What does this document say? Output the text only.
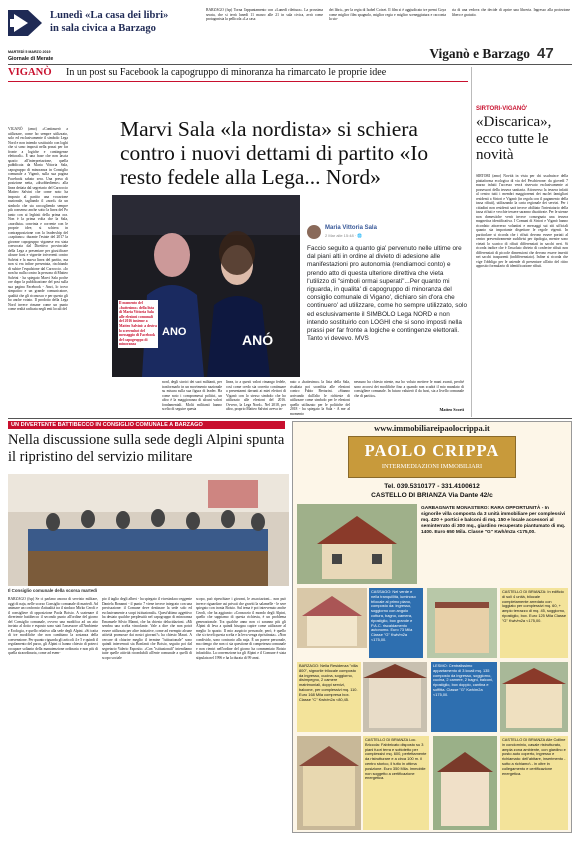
Lunedì «La casa dei libri»
in sala civica a Barzago
BARZAGO (fsp) Torna l'appuntamento con «Lunedì rilettura». La prossima serata, che si terrà lunedì 11 marzo alle 21 in sala civica, avrà come protagonista la pellicola «La casa
dei libri», per la regia di Isabel Coixet. Il film si è aggiudicato tre premi Goya come miglior film spagnolo, miglior regia e miglior sceneggiatura e racconta la sto-
ria di una vedova che decide di aprire una libreria. Ingresso alla proiezione libero e gratuito.
MARTEDÌ 5 MARZO 2019
Giornale di Merate	Viganò e Barzago 47
VIGANÒ In un post su Facebook la capogruppo di minoranza ha rimarcato le proprie idee
VIGANÒ (amo) «Continuerò a utilizzare, come ho sempre utilizzato, solo ed esclusivamente il simbolo Lega Nord e non intendo sostituirlo con loghi che si sono imposti nella prassi per far fronte a logiche e contingenze elettorali». È una frase che non lascia spazio all'interpretazione, quella pubblicata da Maria Vittoria Sala, capogruppo di minoranza in Consiglio comunale a Viganò, sulla sua pagina Facebook sabato sera. Una presa di posizione netta, «disobbediente» alla linea dettata dal segretario del Carroccio Matteo Salvini che come noto ha imposto al partito una vocazione nazionale, tagliando il «nord» da un simbolo che sta raccogliendo sempre più consenso anche sotto la linea del Po tanto con ai leghisti della prima ora. Non è la prima volta che la Sala, «nordista» convinta e corrente con le proprie idee, si schiera in contrapposizione con la leadership del «capitano»: durante l'estate del 2017 la giovane capogruppo viganese era stata convocata dal Direttivo provinciale della Lega a presentare per giustificare alcune frasi e vignette irriverenti contro Salvini e la nuova linea del partito, ma non si era infine presentata, rischiando di subire l'espulsione dal Carroccio. «Io non ho nulla contro la persona di Matteo Salvini - ha spiegato Marvi Sala poche ore dopo la pubblicazione del post sulla sua pagina Facebook - Anzi, lo trovo simpatico e un grande comunicatore, qualità che gli riconosco e per questo gli ho anche votato. Il prodotto della Lega Nord invece rimane come un punto come realtà radicata negli enti locali del
Marvi Sala «la nordista» si schiera contro i nuovi dettami di partito «Io resto fedele alla Lega... Nord»
ANÓ
ANO
Il momento del «battesimo» della lista di Maria Vittoria Sala alle elezioni comunali del 2016 insieme a Matteo Salvini: a destra lo screenshot del messaggio di Facebook del capogruppo di minoranza
nord, degli storici dei suoi militanti, per trasformarlo in un movimento nazionale su misura sulla sua figura di leader. Ha come noto i compromessi politici, un altro è la maggioranza di alcuni valori fondamentali. Molti militanti hanno scelto di seguire questa
linea, io a questi valori rimango fedele, così come credo sia corretto continuare a presentarmi davanti ai miei elettori di Viganò con lo stesso simbolo che ho utilizzato alle elezioni del 2016. Ovvero, la Lega Nord». Nel 2018, per altro, proprio Matteo Salvini aveva in-
nato a «battesimo» la lista della Sala, risultata poi sconfitta alle elezioni contro Fabio Bertarini. «Stanno arrivando dall'alto le richieste di utilizzare come simbolo per le elezioni quello utilizzato per le politiche del 2018 - ha spiegato la Sala - A me al momento
nessuno ha chiesto niente, ma ho voluto mettere le mani avanti, perché sono accorsi dei modifiche fino a quando non scadrà il mio mandato di consigliere comunale. In futuro valuterò il da farsi, sia a livello comunale che di partito».
Matteo Scorti
Maria Vittoria Sala
2 Mar alle 15:48 · 🌐
Faccio seguito a quanto gia' pervenuto nelle ultime ore dal piani alti in ordine al divieto di adesione alle manifestazioni pro autonomia (rendiamoci conto) e prendo atto di questa ulteriore direttiva che vieta l'utilizzo di "simboli ormai superati"...Per quanto mi riguarda, in qualita' di capogruppo di minoranza del consiglio comunale di Vigano', dichiaro sin d'ora che continuero' ad utilizzare, come ho sempre utilizzato, solo ed esclusivamente il SIMBOLO Lega NORD e non intendo sostituirlo con LOGHI che si sono imposti nella prassi per far fronte a logiche e contingenze elettorali. Tanto vi devevo. MVS
SIRTORI-VIGANÒ'
«Discarica», ecco tutte le novità
SIRTORI (amo) Novità in vista per chi usufruisce della piattaforma ecologica di via del Peschierone: da giovedì 7 marzo infatti l'accesso verrà riservato esclusivamente ai possessori della tessera sanitaria. Attraverso la tessera infatti al centro tutti i membri maggiorenni dei nuclei famigliari residenti a Sirtori e Viganò (in regola con il pagamento della tassa rifiuti), utilizzando la carta regionale dei servizi. Per i cittadini non residenti sarà invece abilitato l'intestatario della tassa rifiuti e vecchie tessere saranno disattivate. Per le utenze non domestiche verrà invece consegnata una tessera magnetica identificativa. I Comuni di Sirtori e Viganò hanno ricordato attraverso volantini e messaggi sui siti ufficiali quanto sia importante dispettare le regole vigenti. In particolare si ricorda che i rifiuti devono essere portati al centro preventivamente suddivisi per tipologia, mentre sono vietati lo scarico di rifiuti differenziati in sacchi neri. Si ricorda inoltre che è l'assoluto divieto di conferire rifiuti non differenziati di piccole dimensioni che devono essere inseriti nei sacchi trasparenti (indifferenziato). Infine si ricorda che vige l'obbligo per le aziende di presentare all'atto del ritiro apposito formulario di identificazione rifiuti.
UN DIVERTENTE BATTIBECCO IN CONSIGLIO COMUNALE A BARZAGO
Nella discussione sulla sede degli Alpini spunta il ripristino del servizio militare
Il Consiglio comunale della scorsa martedì
BARZAGO (fsp) Se ci parlano ancora di servizio militare, oggi di naja, nelle scorso Consiglio comunale di martedì. Ad animare un confronto d'attualità tra il sindaco Mirko Ceroli e il consigliere di opposizione Paola Boisio. A scatenare il divertente battibecco il secondo punto all'ordine del giorno del Consiglio comunale, ovvero una modifica ad un atto inviato al dotto e esposto sono stati l'assessore all'Ambiente e Ecologia, e quello relativo alla sede degli Alpini. «Si tratta di tre modifiche che non cambiano la sostanza della convenzione. Per quanto riguarda gli articoli 4 e 5 e quindi il regolamento del parco, gli Alpini ci hanno chiesto di poterci occupare soltanto della manutenzione ordinaria e non più di quella straordinaria, come ad esem-
pio il taglio degli alberi - ha spiegato il vicesindaco reggente Daniela Bonanni - il punto 7 viene invece integrato con una precisazione: il Comune deve destinare la sede solo ed esclusivamente a scopi istituzionali». Quest'ultimo aggettivo ha destato qualche perplessità nel capogruppo di minoranza Emanuele Silvio Manni, che ha chiesto delucidazioni. «Mi sembra una scelta vincolante. Vale a dire che non potrà essere utilizzata per altre iniziative, come ad esempio alcune attività promosse dai nostri giovani?» ha chiesto Mauri. A cercare di chiarire meglio il termine "istituzionale" sono quindi intervenuti sia Bonfanti che Boisio, seguito poi dal segretario Valerio Esposito. «Con "istituzionali" intendiamo tutte quelle attività ricondubili all'ente comunale a quelli di scopo sociale
scopo, può ripeschiare i giovani, le associazioni... non può invece riguardare usi privati che graviti la salamelle - le sere spiegato con ironia Boisio. Sul tema è poi intervenuto anche Ceroli, che ha aggiunto: «Consorzio il mondo degli Alpini, quello che sappiamo di questa richiesta, è un problema generazionale. Tra qualche anno non ci saranno più gli Alpini di leva a quindi bisogna capire come utilizzare al meglio lo spazio. Il mio auspicio personale, però, è quello che si risveli questa scelta e la leva venga ripristinata». «Non condivido, sono contrario alla naja. È un parere personale, ma ritengo che non ci sia questione di competenza comunale e non rientri nell'ordine del giorno ha commentato Boisio infastidita. La convenzione tra gli Alpini e il Comune è stata stipulata nel 1996 e ha la durata di 99 anni.
www.immobiliareipaolocrippa.it
PAOLO CRIPPA
INTERMEDIAZIONI IMMOBILIARI
Tel. 039.5310177 - 331.4100612
CASTELLO DI BRIANZA Via Dante 42/c
GARBAGNATE MONASTERO: RARA OPPORTUNITÀ - In signorile villa composta da 3 unità immobiliare per complessivi mq. 420 + portici e balconi di mq. 150 e locale accessori al seminterrato di 300 mq., giardino recuperato piantumato di mq. 1400. Euro 650 Mila. Classe "G" Kwh/m2a <175,00.
CASSAGO: Nel verde e nella tranquillità, luminoso trilocale al primo piano, composto da: ingresso, soggiorno con angolo cottura, bagno, camera, ripostiglio, box grande e P.A.C. riscaldamento autonomo. Euro 73 Mila Classe "G" Kwh/m2a <175,00.
CASTELLO DI BRIANZA: In edificio di soli 4 unità, bilocale completamente arredato con loggiato per complessivi mq. 60, + ampio terrazzo di mq. 45, soggiorno, ripostiglio, box. Euro 125 Mila Classe "G" Kwh/m2a <175,00.
BARZAGO: Nella Residenza "villa 800", signorile trilocale composto da ingresso, cucina, soggiorno, disimpegno, 2 camere matrimoniali, doppi servizi, balcone, per complessivi mq. 110. Euro 168 Mila compresa box. Classe "C" Kwh/m2a <80,45.
LESMO: Centralissimo appartamento di 3 locali mq. 135 composto da ingresso, soggiorno, cucina, 2 camere, 2 bagni, balconi, ripostiglio, box doppio, cantina e soffitta. Classe "G" Kwh/m2a <175,00.
CASTELLO DI BRIANZA Loc. Briccola: Fabbricato disposto su 3 piani fuori terra e sottotetto per complessivi mq. 600, perfettamente da ristrutturare e a circa 100 m. il centro storico, il tutto in ottima posizione. Euro 350 Mila. Immobile non soggetto a certificazione energetica.
CASTELLO DI BRIANZA Alle Colline in condominio, casale ristrutturato, ampia zona ambiente, con giardino e posto auto coperto, ingresso e richiamato: dell'abitare, inserimento - sotto a richiamo\ - in oltre in collegamento e certificazione energetica.
